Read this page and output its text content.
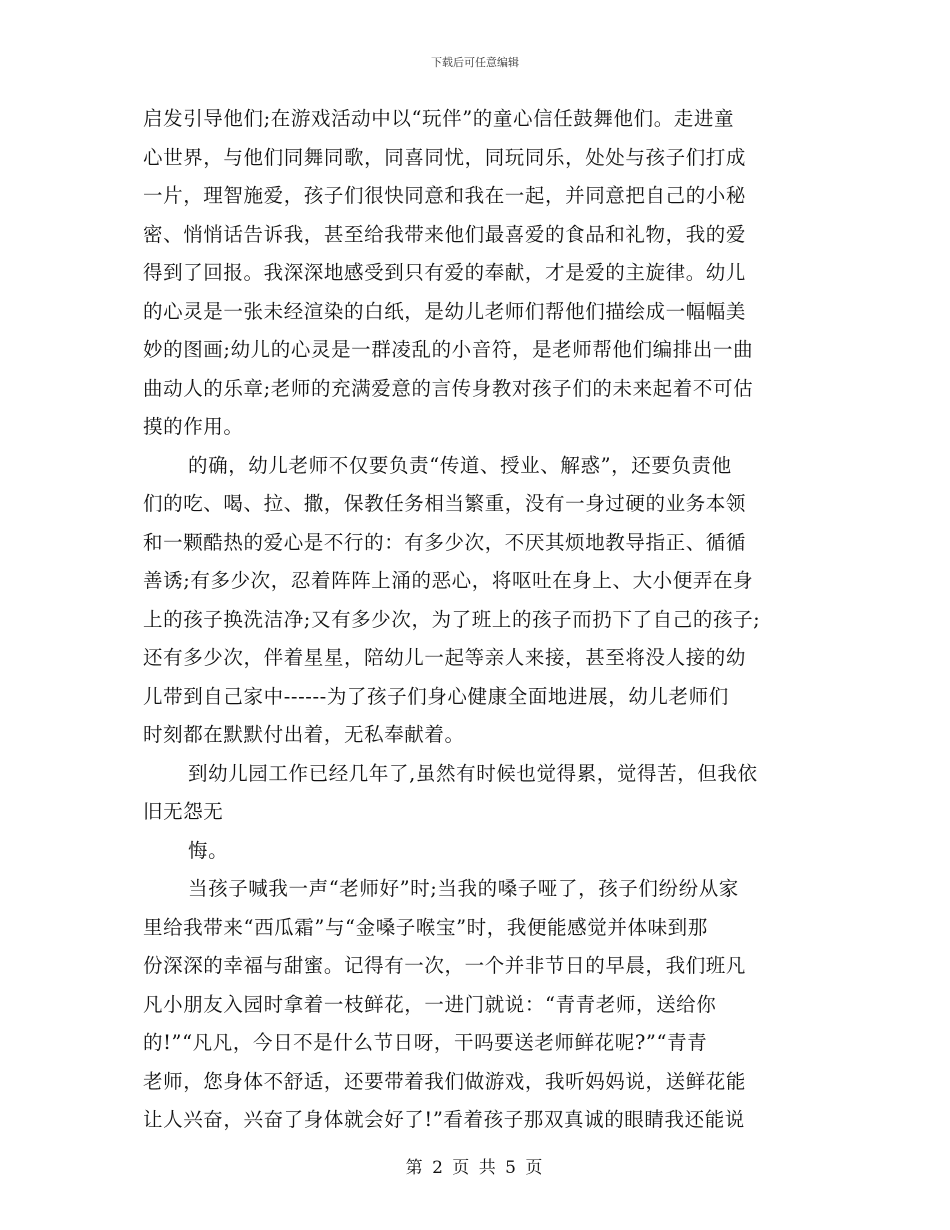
下载后可任意编辑
启发引导他们;在游戏活动中以“玩伴”的童心信任鼓舞他们。走进童
心世界，与他们同舞同歌，同喜同忧，同玩同乐，处处与孩子们打成
一片，理智施爱，孩子们很快同意和我在一起，并同意把自己的小秘
密、悄悄话告诉我，甚至给我带来他们最喜爱的食品和礼物，我的爱
得到了回报。我深深地感受到只有爱的奉献，才是爱的主旋律。幼儿
的心灵是一张未经渲染的白纸，是幼儿老师们帮他们描绘成一幅幅美
妙的图画;幼儿的心灵是一群凌乱的小音符，是老师帮他们编排出一曲
曲动人的乐章;老师的充满爱意的言传身教对孩子们的未来起着不可估
摸的作用。
的确，幼儿老师不仅要负责“传道、授业、解惑”，还要负责他
们的吃、喝、拉、撒，保教任务相当繁重，没有一身过硬的业务本领
和一颗酷热的爱心是不行的：有多少次，不厌其烦地教导指正、循循
善诱;有多少次，忍着阵阵上涌的恶心，将呕吐在身上、大小便弄在身
上的孩子换洗洁净;又有多少次，为了班上的孩子而扔下了自己的孩子;
还有多少次，伴着星星，陪幼儿一起等亲人来接，甚至将没人接的幼
儿带到自己家中------为了孩子们身心健康全面地进展，幼儿老师们
时刻都在默默付出着，无私奉献着。
到幼儿园工作已经几年了,虽然有时候也觉得累，觉得苦，但我依
旧无怨无
悔。
当孩子喊我一声“老师好”时;当我的嗓子哑了，孩子们纷纷从家
里给我带来“西瓜霜”与“金嗓子喉宝”时，我便能感觉并体味到那
份深深的幸福与甜蜜。记得有一次，一个并非节日的早晨，我们班凡
凡小朋友入园时拿着一枝鲜花，一进门就说：“青青老师，送给你
的!”“凡凡，今日不是什么节日呀，干吗要送老师鲜花呢?”“青青
老师，您身体不舒适，还要带着我们做游戏，我听妈妈说，送鲜花能
让人兴奋，兴奋了身体就会好了!”看着孩子那双真诚的眼睛我还能说
第 2 页 共 5 页
